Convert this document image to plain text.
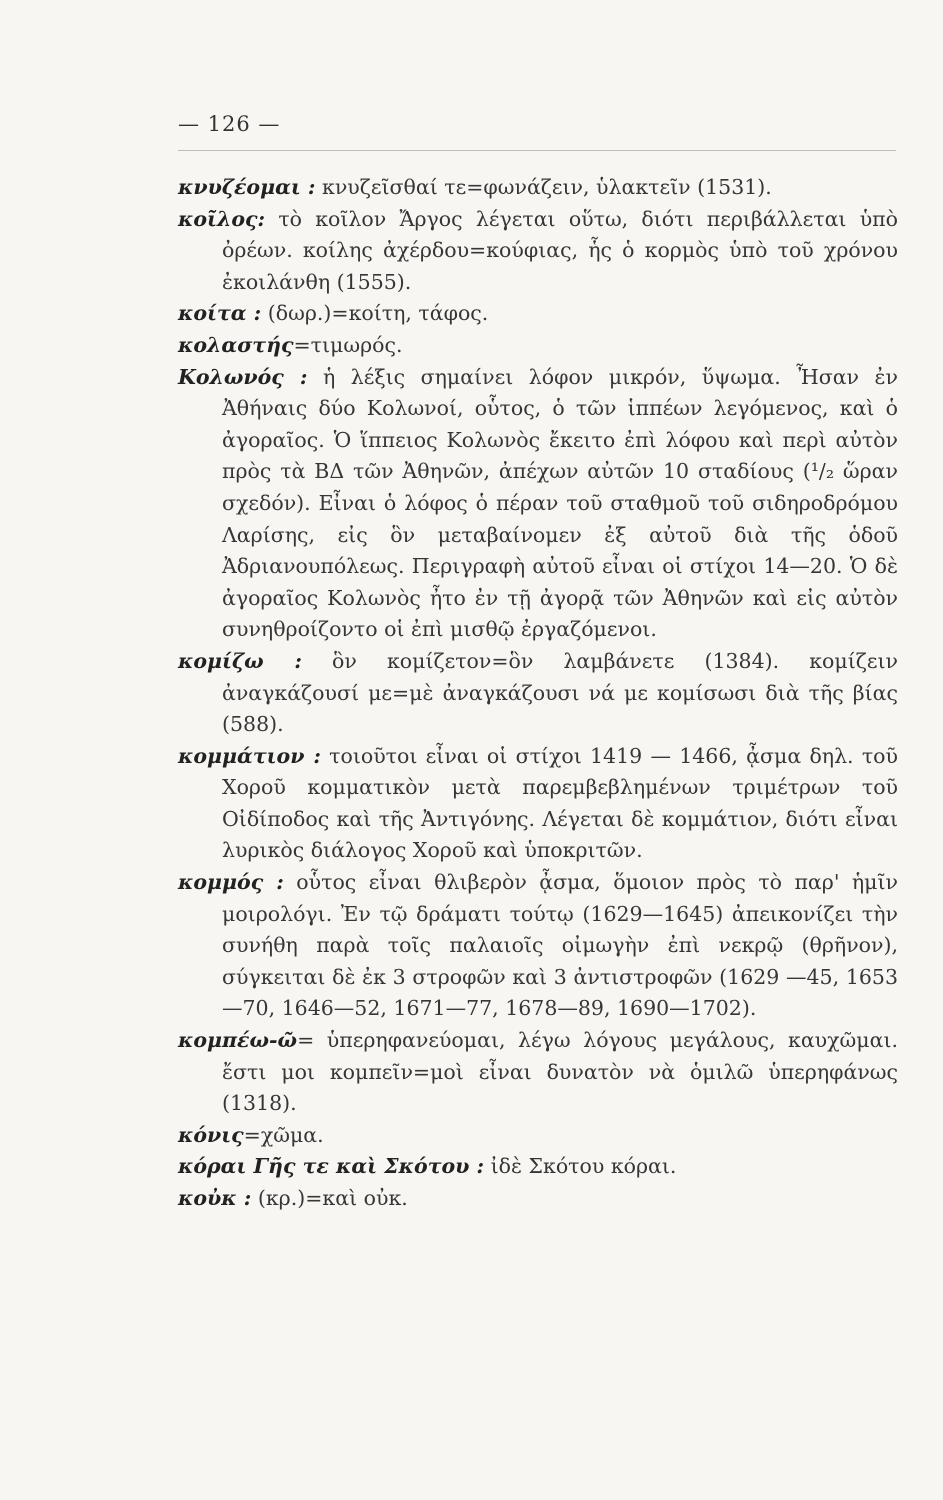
— 126 —

κνυζέομαι : κνυζεῖσθαί τε=φωνάζειν, ὑλακτεῖν (1531).

κοῖλος: τὸ κοῖλον Ἄργος λέγεται οὕτω, διότι περιβάλλεται ὑπὸ ὀρέων. κοίλης ἀχέρδου=κούφιας, ἧς ὁ κορμὸς ὑπὸ τοῦ χρόνου ἐκοιλάνθη (1555).

κοίτα : (δωρ.)=κοίτη, τάφος.

κολαστής=τιμωρός.

Κολωνός : ἡ λέξις σημαίνει λόφον μικρόν, ὕψωμα. Ἦσαν ἐν Ἀθήναις δύο Κολωνοί, οὗτος, ὁ τῶν ἱππέων λεγόμενος, καὶ ὁ ἀγοραῖος. Ὁ ἵππειος Κολωνὸς ἔκειτο ἐπὶ λόφου καὶ περὶ αὐτὸν πρὸς τὰ ΒΔ τῶν Ἀθηνῶν, ἀπέχων αὐτῶν 10 σταδίους (¹/₂ ὥραν σχεδόν). Εἶναι ὁ λόφος ὁ πέραν τοῦ σταθμοῦ τοῦ σιδηροδρόμου Λαρίσης, εἰς ὃν μεταβαίνομεν ἐξ αὐτοῦ διὰ τῆς ὁδοῦ Ἀδριανουπόλεως. Περιγραφὴ αὐτοῦ εἶναι οἱ στίχοι 14—20. Ὁ δὲ ἀγοραῖος Κολωνὸς ἦτο ἐν τῇ ἀγορᾷ τῶν Ἀθηνῶν καὶ εἰς αὐτὸν συνηθροίζοντο οἱ ἐπὶ μισθῷ ἐργαζόμενοι.

κομίζω : ὃν κομίζετον=ὃν λαμβάνετε (1384). κομίζειν ἀναγκάζουσί με=μὲ ἀναγκάζουσι νά με κομίσωσι διὰ τῆς βίας (588).

κομμάτιον : τοιοῦτοι εἶναι οἱ στίχοι 1419 — 1466, ᾆσμα δηλ. τοῦ Χοροῦ κομματικὸν μετὰ παρεμβεβλημένων τριμέτρων τοῦ Οἰδίποδος καὶ τῆς Ἀντιγόνης. Λέγεται δὲ κομμάτιον, διότι εἶναι λυρικὸς διάλογος Χοροῦ καὶ ὑποκριτῶν.

κομμός : οὗτος εἶναι θλιβερὸν ᾆσμα, ὅμοιον πρὸς τὸ παρ' ἡμῖν μοιρολόγι. Ἐν τῷ δράματι τούτῳ (1629—1645) ἀπεικονίζει τὴν συνήθη παρὰ τοῖς παλαιοῖς οἰμωγὴν ἐπὶ νεκρῷ (θρῆνον), σύγκειται δὲ ἐκ 3 στροφῶν καὶ 3 ἀντιστροφῶν (1629 —45, 1653—70, 1646—52, 1671—77, 1678—89, 1690—1702).

κομπέω-ῶ= ὑπερηφανεύομαι, λέγω λόγους μεγάλους, καυχῶμαι. ἔστι μοι κομπεῖν=μοὶ εἶναι δυνατὸν νὰ ὁμιλῶ ὑπερηφάνως (1318).

κόνις=χῶμα.

κόραι Γῆς τε καὶ Σκότου : ἰδὲ Σκότου κόραι.

κοὐκ : (κρ.)=καὶ οὐκ.
